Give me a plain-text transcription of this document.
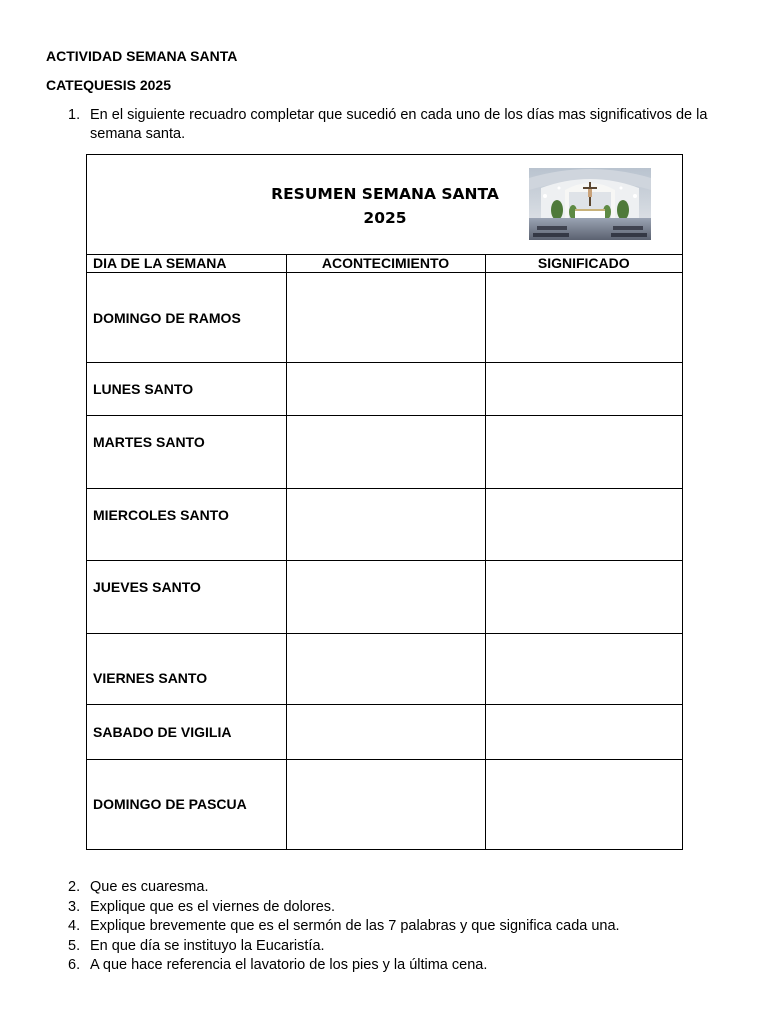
ACTIVIDAD SEMANA SANTA
CATEQUESIS 2025
1. En el siguiente recuadro completar que sucedió en cada uno de los días mas significativos de la semana santa.
RESUMEN SEMANA SANTA
2025
DIA DE LA SEMANA	ACONTECIMIENTO	SIGNIFICADO
DOMINGO DE RAMOS		
LUNES SANTO		
MARTES SANTO		
MIERCOLES SANTO		
JUEVES SANTO		
VIERNES SANTO		
SABADO DE VIGILIA		
DOMINGO DE PASCUA		
2. Que es cuaresma.
3. Explique que es el viernes de dolores.
4. Explique brevemente que es el sermón de las 7 palabras y que significa cada una.
5. En que día se instituyo la Eucaristía.
6. A que hace referencia el lavatorio de los pies y la última cena.
